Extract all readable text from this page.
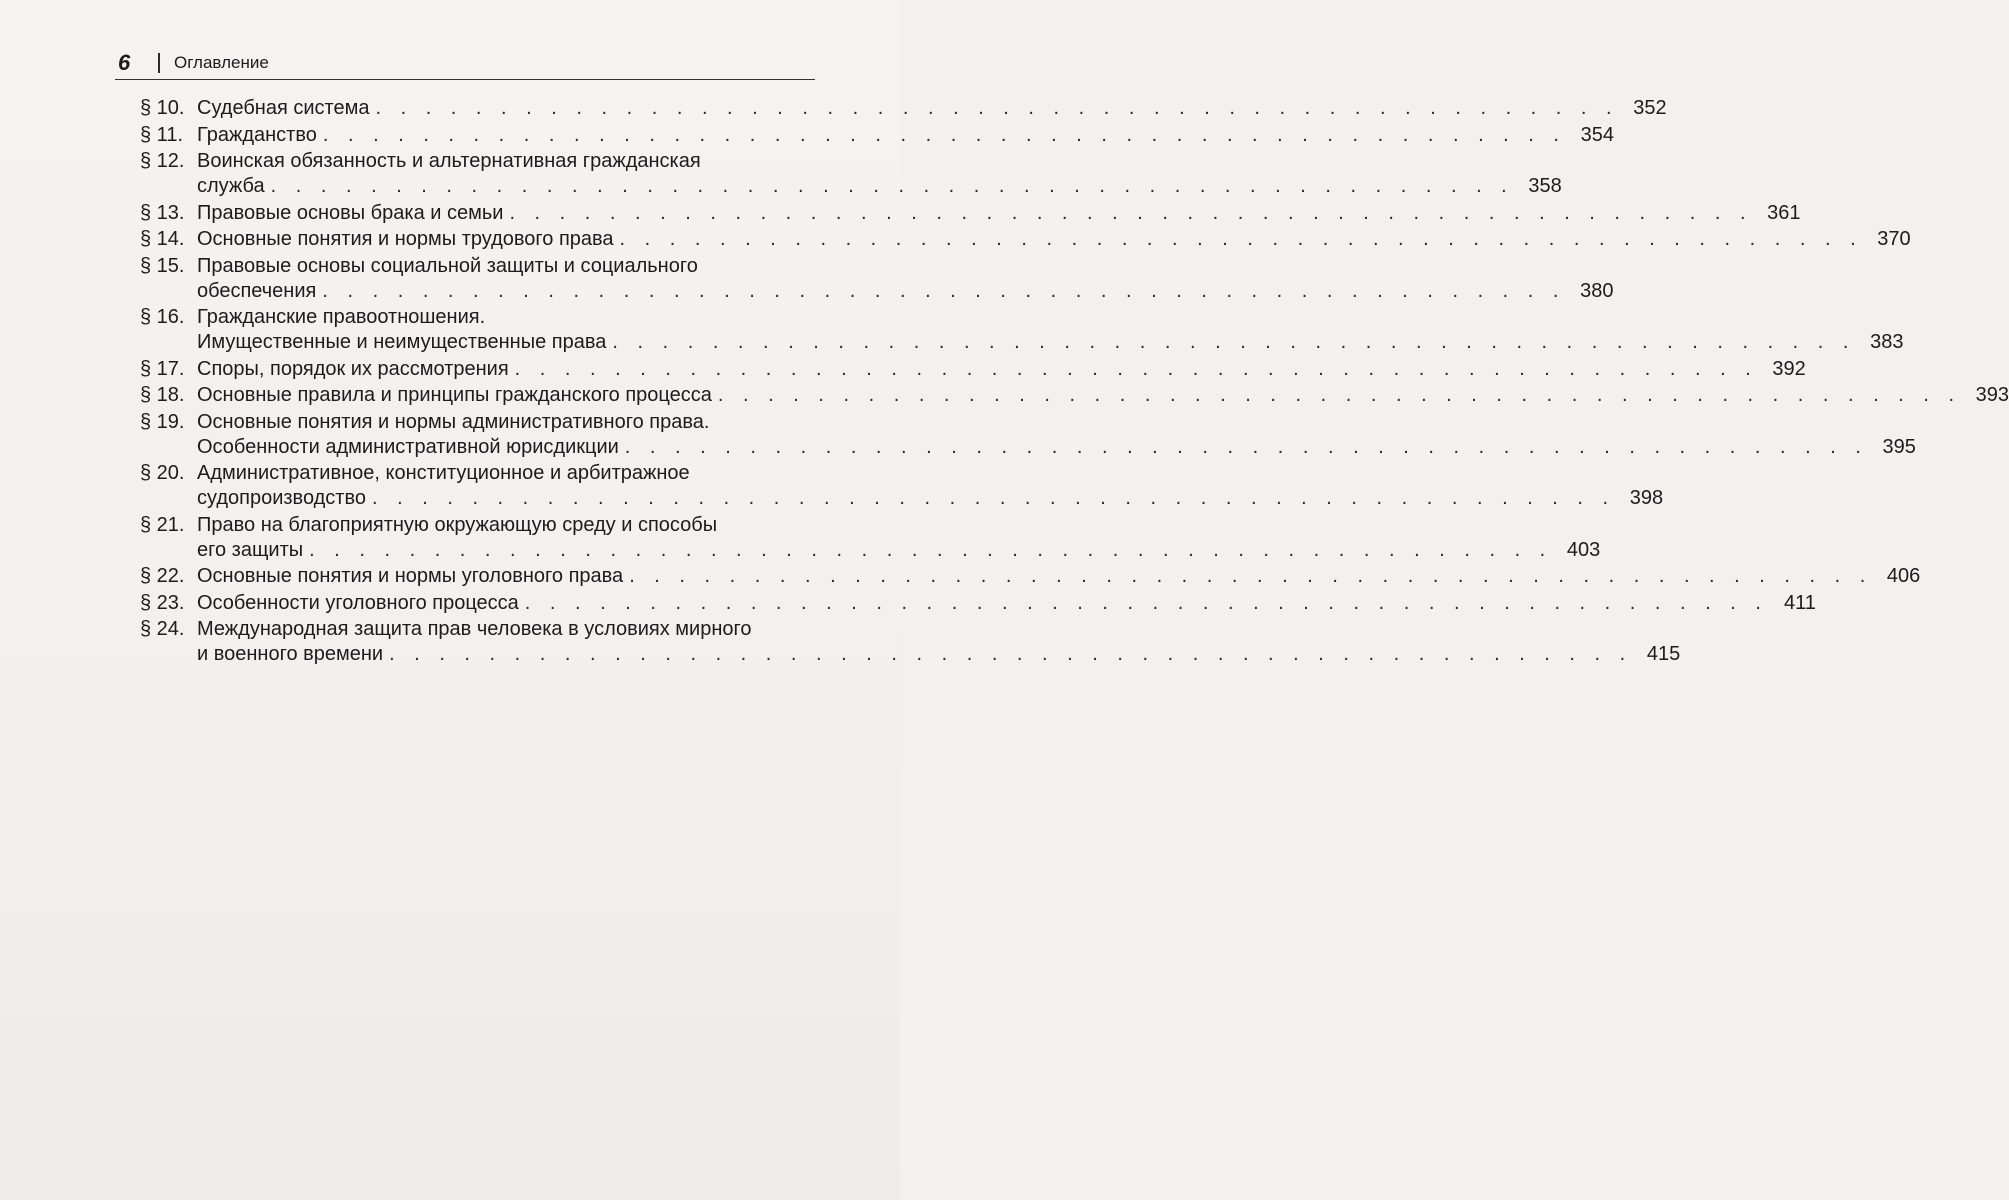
6	Оглавление
§ 10. Судебная система . . . . . . . . . . . . . . . . . . . . . . . . . . . . . . . . . . . . . . . . . . . . . . . . . . 352
§ 11. Гражданство . . . . . . . . . . . . . . . . . . . . . . . . . . . . . . . . . . . . . . . . . . . . . . . . . . 354
§ 12. Воинская обязанность и альтернативная гражданская
служба . . . . . . . . . . . . . . . . . . . . . . . . . . . . . . . . . . . . . . . . . . . . . . . . . . 358
§ 13. Правовые основы брака и семьи . . . . . . . . . . . . . . . . . . . . . . . . . . . . . . . . . . . . . . . . . . . . . . . . . . 361
§ 14. Основные понятия и нормы трудового права . . . . . . . . . . . . . . . . . . . . . . . . . . . . . . . . . . . . . . . . . . . . . . . . . . 370
§ 15. Правовые основы социальной защиты и социального
обеспечения . . . . . . . . . . . . . . . . . . . . . . . . . . . . . . . . . . . . . . . . . . . . . . . . . . 380
§ 16. Гражданские правоотношения.
Имущественные и неимущественные права . . . . . . . . . . . . . . . . . . . . . . . . . . . . . . . . . . . . . . . . . . . . . . . . . . 383
§ 17. Споры, порядок их рассмотрения . . . . . . . . . . . . . . . . . . . . . . . . . . . . . . . . . . . . . . . . . . . . . . . . . . 392
§ 18. Основные правила и принципы гражданского процесса . . . . . . . . . . . . . . . . . . . . . . . . . . . . . . . . . . . . . . . . . . . . . . . . . . 393
§ 19. Основные понятия и нормы административного права.
Особенности административной юрисдикции . . . . . . . . . . . . . . . . . . . . . . . . . . . . . . . . . . . . . . . . . . . . . . . . . . 395
§ 20. Административное, конституционное и арбитражное
судопроизводство . . . . . . . . . . . . . . . . . . . . . . . . . . . . . . . . . . . . . . . . . . . . . . . . . . 398
§ 21. Право на благоприятную окружающую среду и способы
его защиты . . . . . . . . . . . . . . . . . . . . . . . . . . . . . . . . . . . . . . . . . . . . . . . . . . 403
§ 22. Основные понятия и нормы уголовного права . . . . . . . . . . . . . . . . . . . . . . . . . . . . . . . . . . . . . . . . . . . . . . . . . . 406
§ 23. Особенности уголовного процесса . . . . . . . . . . . . . . . . . . . . . . . . . . . . . . . . . . . . . . . . . . . . . . . . . . 411
§ 24. Международная защита прав человека в условиях мирного
и военного времени . . . . . . . . . . . . . . . . . . . . . . . . . . . . . . . . . . . . . . . . . . . . . . . . . . 415
